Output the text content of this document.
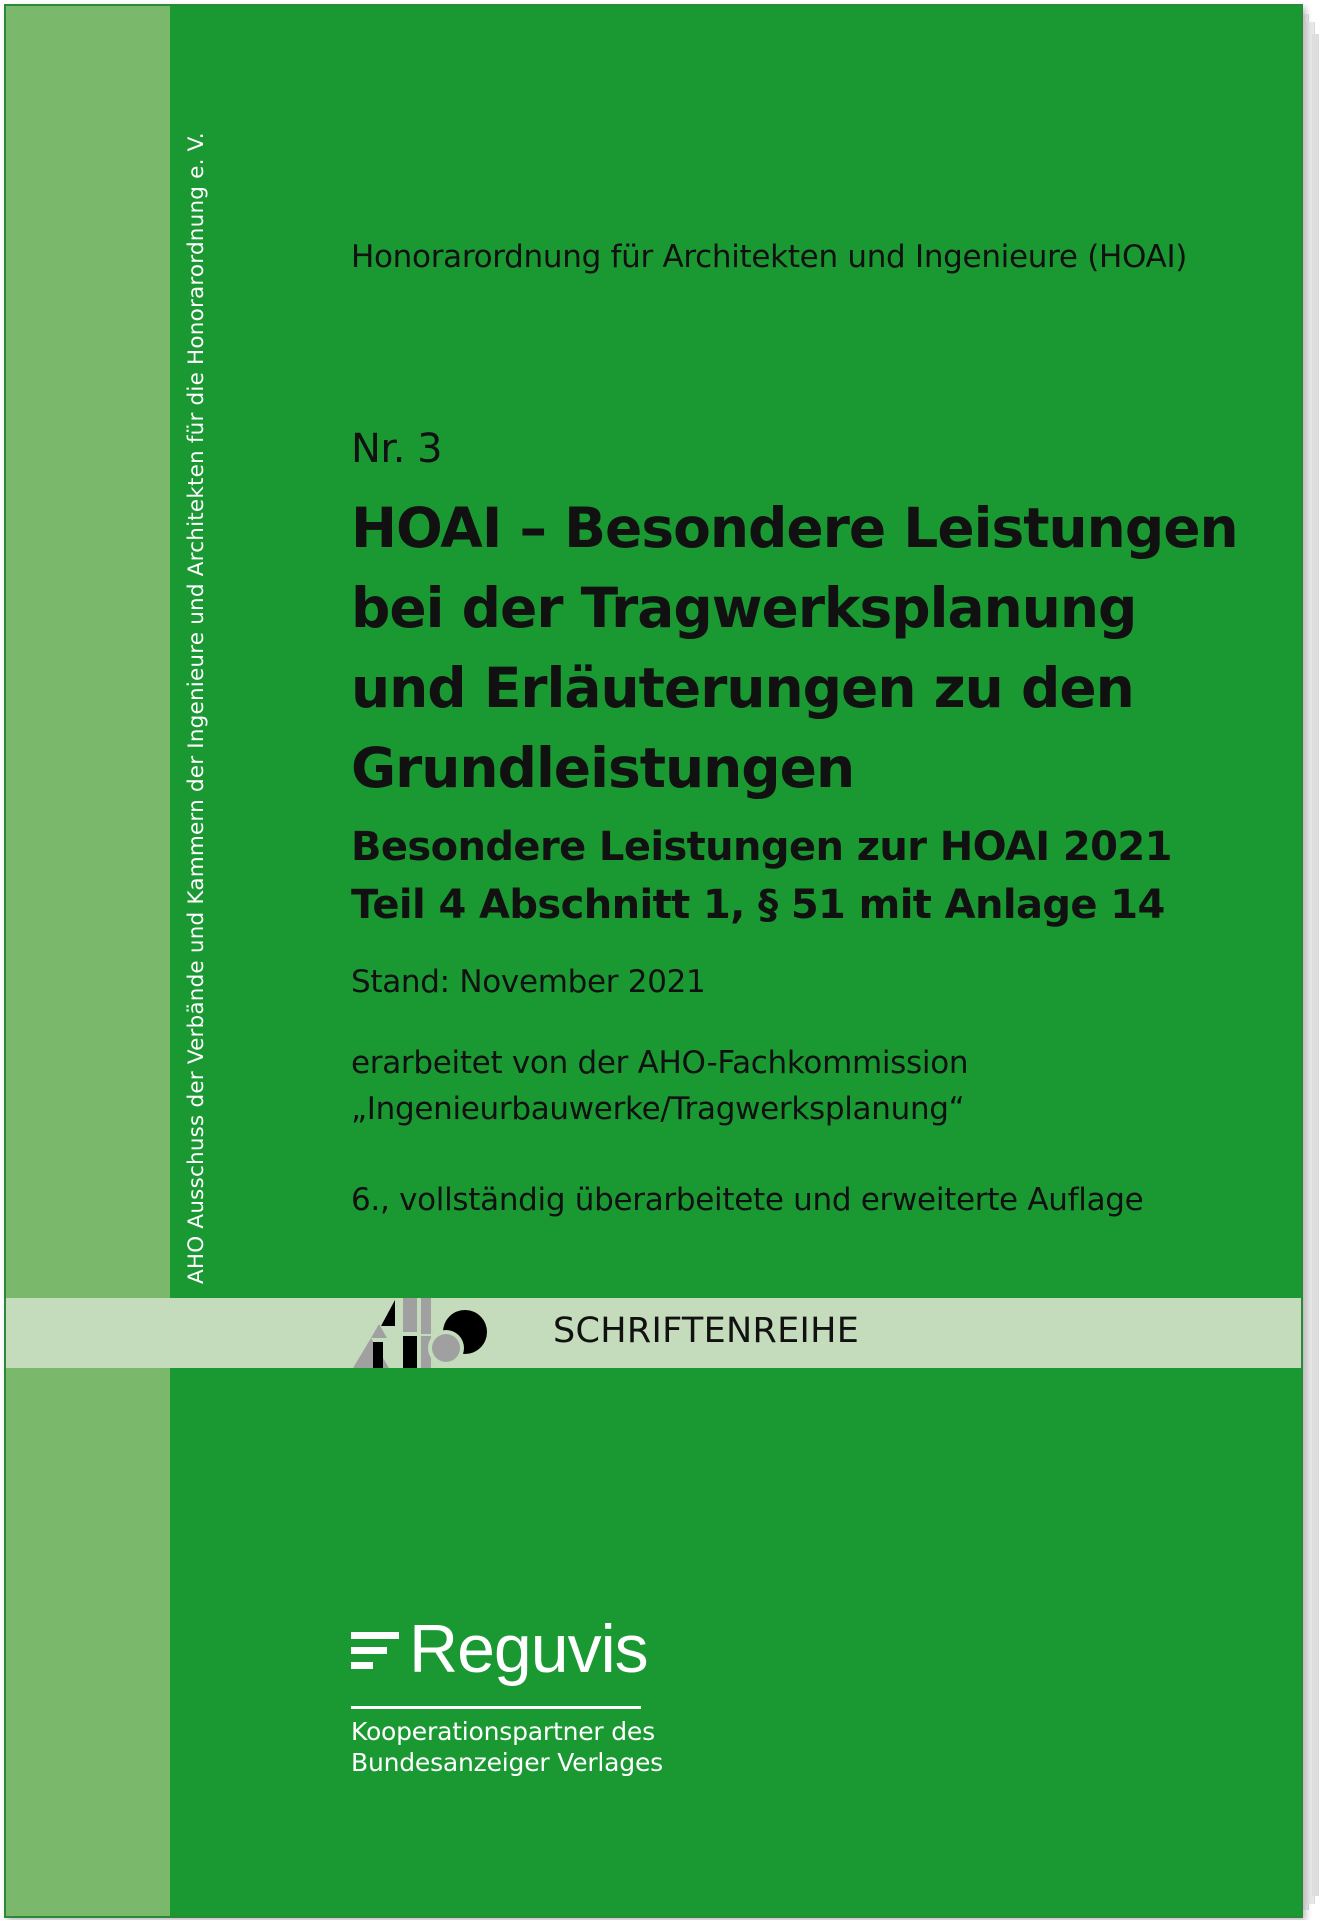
AHO Ausschuss der Verbände und Kammern der Ingenieure und Architekten für die Honorarordnung e. V.	Honorarordnung für Architekten und Ingenieure (HOAI)
Nr. 3
HOAI – Besondere Leistungen
bei der Tragwerksplanung
und Erläuterungen zu den
Grundleistungen
Besondere Leistungen zur HOAI 2021
Teil 4 Abschnitt 1, § 51 mit Anlage 14
Stand: November 2021
erarbeitet von der AHO-Fachkommission
„Ingenieurbauwerke/Tragwerksplanung“
6., vollständig überarbeitete und erweiterte Auflage
SCHRIFTENREIHE
Reguvis
Kooperationspartner des
Bundesanzeiger Verlages
